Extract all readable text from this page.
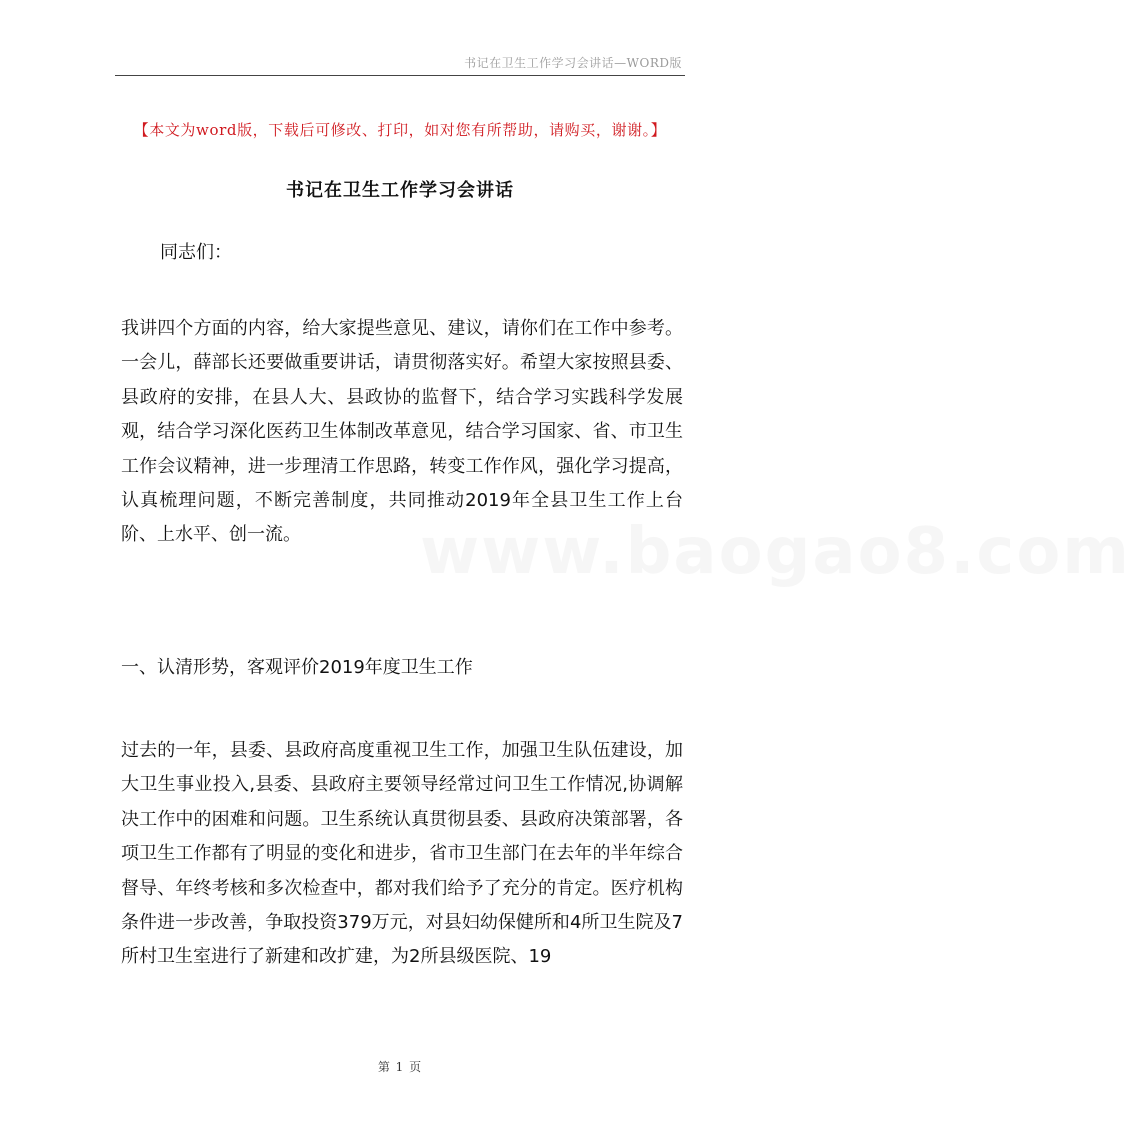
www.baogao8.com
书记在卫生工作学习会讲话—WORD版
【本文为word版，下载后可修改、打印，如对您有所帮助，请购买，谢谢。】
书记在卫生工作学习会讲话
同志们：

我讲四个方面的内容，给大家提些意见、建议，请你们在工作中参考。一会儿，薛部长还要做重要讲话，请贯彻落实好。希望大家按照县委、县政府的安排，在县人大、县政协的监督下，结合学习实践科学发展观，结合学习深化医药卫生体制改革意见，结合学习国家、省、市卫生工作会议精神，进一步理清工作思路，转变工作作风，强化学习提高，认真梳理问题，不断完善制度，共同推动2019年全县卫生工作上台阶、上水平、创一流。

一、认清形势，客观评价2019年度卫生工作

过去的一年，县委、县政府高度重视卫生工作，加强卫生队伍建设，加大卫生事业投入,县委、县政府主要领导经常过问卫生工作情况,协调解决工作中的困难和问题。卫生系统认真贯彻县委、县政府决策部署，各项卫生工作都有了明显的变化和进步，省市卫生部门在去年的半年综合督导、年终考核和多次检查中，都对我们给予了充分的肯定。医疗机构条件进一步改善，争取投资379万元，对县妇幼保健所和4所卫生院及7所村卫生室进行了新建和改扩建，为2所县级医院、19

第 1 页
